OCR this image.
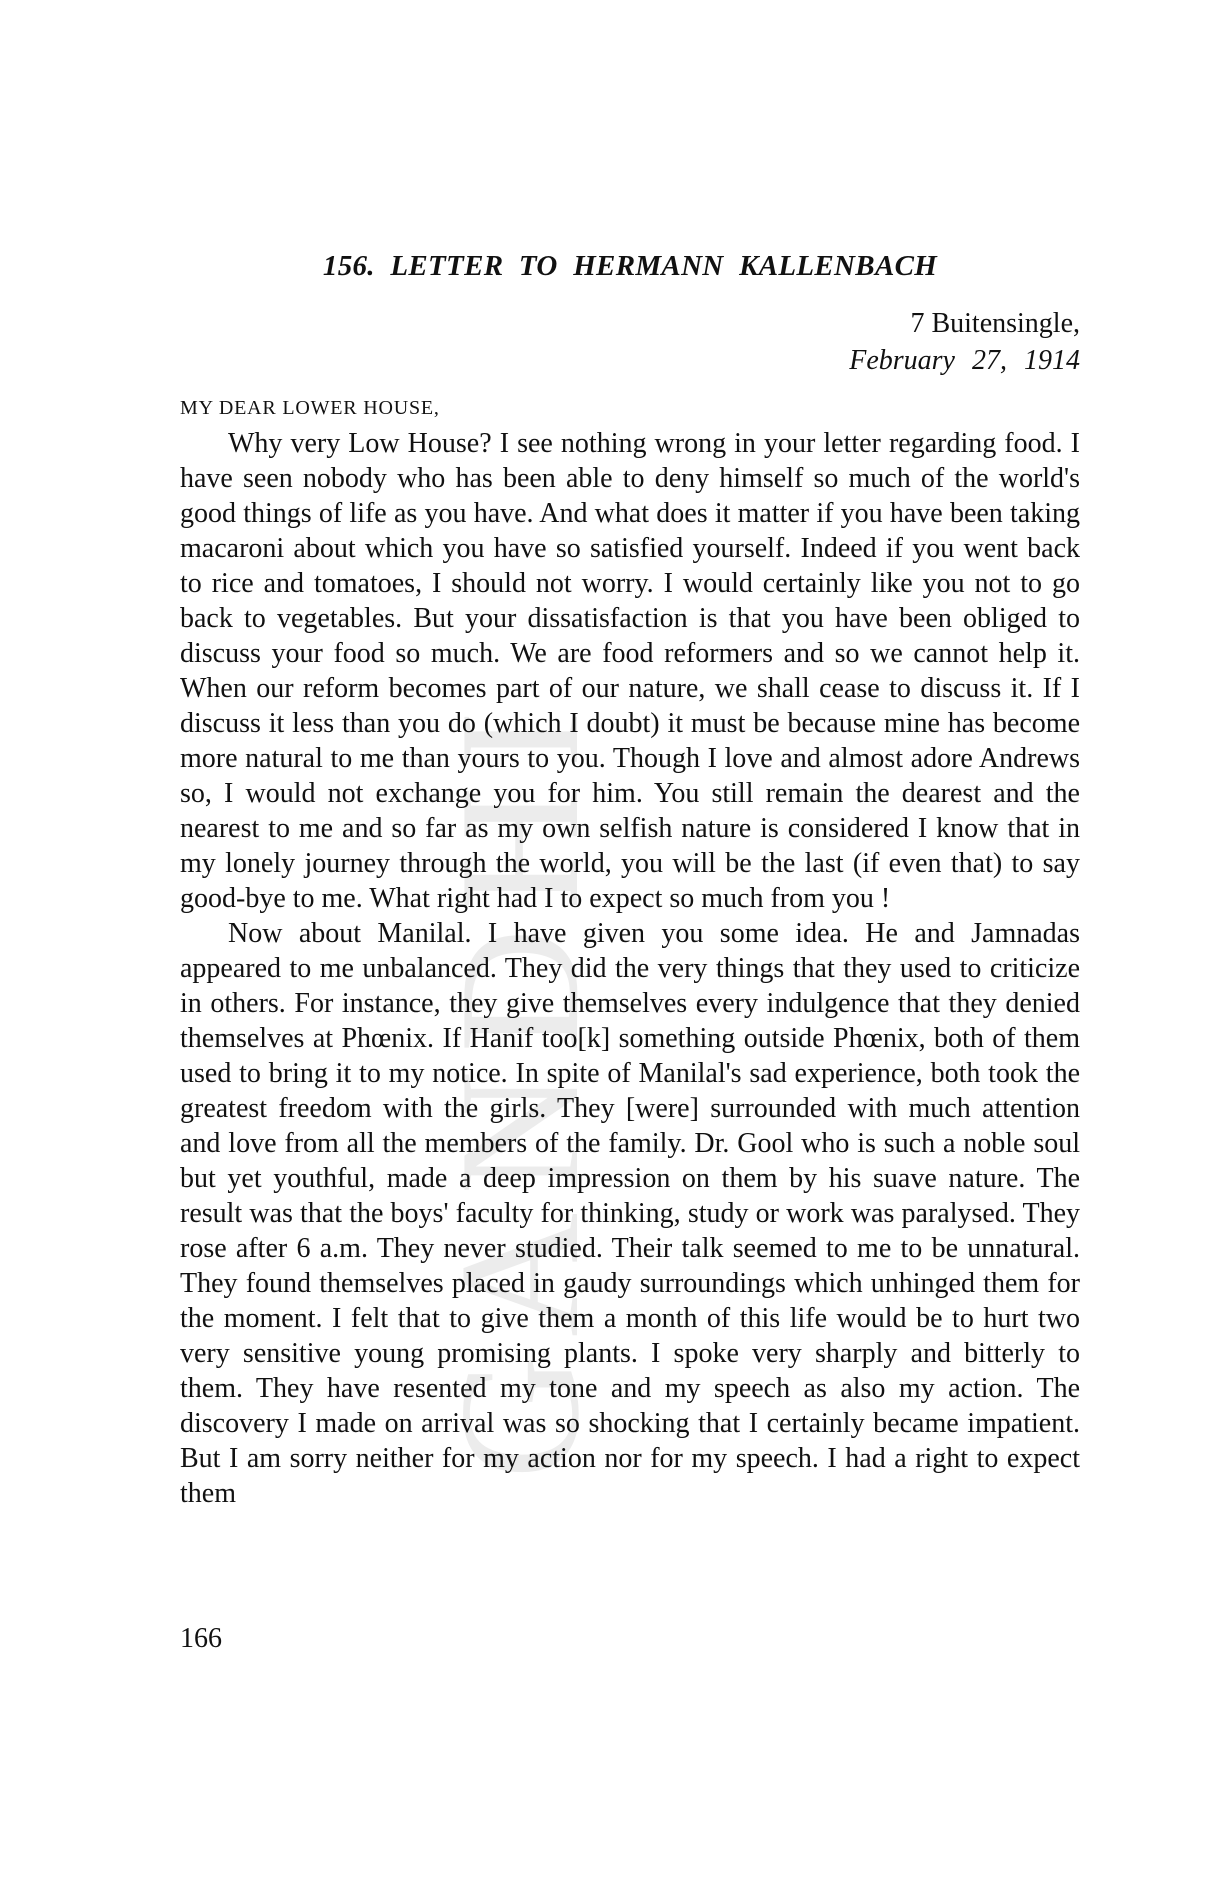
GANDHI
156. LETTER TO HERMANN KALLENBACH
7 Buitensingle,
February 27, 1914
MY DEAR LOWER HOUSE,

Why very Low House? I see nothing wrong in your letter regarding food. I have seen nobody who has been able to deny himself so much of the world's good things of life as you have. And what does it matter if you have been taking macaroni about which you have so satisfied yourself. Indeed if you went back to rice and tomatoes, I should not worry. I would certainly like you not to go back to vegetables. But your dissatisfaction is that you have been obliged to discuss your food so much. We are food reformers and so we cannot help it. When our reform becomes part of our nature, we shall cease to discuss it. If I discuss it less than you do (which I doubt) it must be because mine has become more natural to me than yours to you. Though I love and almost adore Andrews so, I would not exchange you for him. You still remain the dearest and the nearest to me and so far as my own selfish nature is considered I know that in my lonely journey through the world, you will be the last (if even that) to say good-bye to me. What right had I to expect so much from you !

Now about Manilal. I have given you some idea. He and Jamnadas appeared to me unbalanced. They did the very things that they used to criticize in others. For instance, they give themselves every indulgence that they denied themselves at Phœnix. If Hanif too[k] something outside Phœnix, both of them used to bring it to my notice. In spite of Manilal's sad experience, both took the greatest freedom with the girls. They [were] surrounded with much attention and love from all the members of the family. Dr. Gool who is such a noble soul but yet youthful, made a deep impression on them by his suave nature. The result was that the boys' faculty for thinking, study or work was paralysed. They rose after 6 a.m. They never studied. Their talk seemed to me to be unnatural. They found themselves placed in gaudy surroundings which unhinged them for the moment. I felt that to give them a month of this life would be to hurt two very sensitive young promising plants. I spoke very sharply and bitterly to them. They have resented my tone and my speech as also my action. The discovery I made on arrival was so shocking that I certainly became impatient. But I am sorry neither for my action nor for my speech. I had a right to expect them

166
